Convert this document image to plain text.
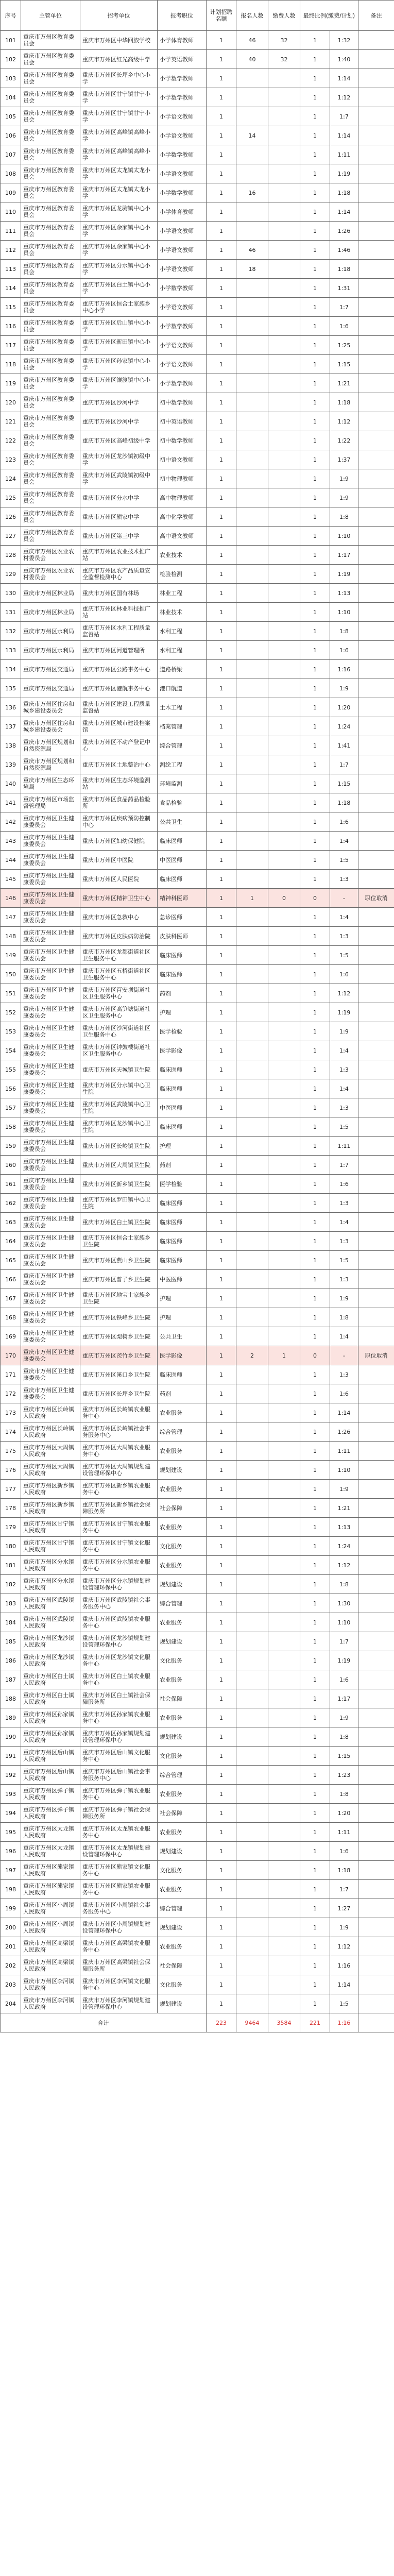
序号	主管单位	招考单位	报考职位	计划招聘名额	报名人数	缴费人数	最终比例(缴费/计划)		备注
101	重庆市万州区教育委员会	重庆市万州区中华回族学校	小学体育教师	1	46	32	1	1:32	
102	重庆市万州区教育委员会	重庆市万州区红光高级中学	小学英语教师	1	40	32	1	1:40	
103	重庆市万州区教育委员会	重庆市万州区长坪乡中心小学	小学数学教师	1			1	1:14	
104	重庆市万州区教育委员会	重庆市万州区甘宁镇甘宁小学	小学数学教师	1			1	1:12	
105	重庆市万州区教育委员会	重庆市万州区甘宁镇甘宁小学	小学语文教师	1			1	1:7	
106	重庆市万州区教育委员会	重庆市万州区高峰镇高峰小学	小学语文教师	1	14		1	1:14	
107	重庆市万州区教育委员会	重庆市万州区高峰镇高峰小学	小学数学教师	1			1	1:11	
108	重庆市万州区教育委员会	重庆市万州区太龙镇太龙小学	小学语文教师	1			1	1:19	
109	重庆市万州区教育委员会	重庆市万州区太龙镇太龙小学	小学数学教师	1	16		1	1:18	
110	重庆市万州区教育委员会	重庆市万州区龙驹镇中心小学	小学体育教师	1			1	1:14	
111	重庆市万州区教育委员会	重庆市万州区余家镇中心小学	小学语文教师	1			1	1:26	
112	重庆市万州区教育委员会	重庆市万州区余家镇中心小学	小学语文教师	1	46		1	1:46	
113	重庆市万州区教育委员会	重庆市万州区分水镇中心小学	小学语文教师	1	18		1	1:18	
114	重庆市万州区教育委员会	重庆市万州区白土镇中心小学	小学数学教师	1			1	1:31	
115	重庆市万州区教育委员会	重庆市万州区恒合土家族乡中心小学	小学语文教师	1			1	1:7	
116	重庆市万州区教育委员会	重庆市万州区后山镇中心小学	小学数学教师	1			1	1:6	
117	重庆市万州区教育委员会	重庆市万州区新田镇中心小学	小学语文教师	1			1	1:25	
118	重庆市万州区教育委员会	重庆市万州区孙家镇中心小学	小学语文教师	1			1	1:15	
119	重庆市万州区教育委员会	重庆市万州区瀼渡镇中心小学	小学数学教师	1			1	1:21	
120	重庆市万州区教育委员会	重庆市万州区沙河中学	初中数学教师	1			1	1:18	
121	重庆市万州区教育委员会	重庆市万州区沙河中学	初中英语教师	1			1	1:12	
122	重庆市万州区教育委员会	重庆市万州区高峰初级中学	初中数学教师	1			1	1:22	
123	重庆市万州区教育委员会	重庆市万州区龙沙镇初级中学	初中语文教师	1			1	1:37	
124	重庆市万州区教育委员会	重庆市万州区武陵镇初级中学	初中物理教师	1			1	1:9	
125	重庆市万州区教育委员会	重庆市万州区分水中学	高中物理教师	1			1	1:9	
126	重庆市万州区教育委员会	重庆市万州区熊家中学	高中化学教师	1			1	1:8	
127	重庆市万州区教育委员会	重庆市万州区第三中学	高中语文教师	1			1	1:10	
128	重庆市万州区农业农村委员会	重庆市万州区农业技术推广站	农业技术	1			1	1:17	
129	重庆市万州区农业农村委员会	重庆市万州区农产品质量安全监督检测中心	检验检测	1			1	1:19	
130	重庆市万州区林业局	重庆市万州区国有林场	林业工程	1			1	1:13	
131	重庆市万州区林业局	重庆市万州区林业科技推广站	林业技术	1			1	1:10	
132	重庆市万州区水利局	重庆市万州区水利工程质量监督站	水利工程	1			1	1:8	
133	重庆市万州区水利局	重庆市万州区河道管理所	水利工程	1			1	1:6	
134	重庆市万州区交通局	重庆市万州区公路事务中心	道路桥梁	1			1	1:16	
135	重庆市万州区交通局	重庆市万州区港航事务中心	港口航道	1			1	1:9	
136	重庆市万州区住房和城乡建设委员会	重庆市万州区建设工程质量监督站	土木工程	1			1	1:20	
137	重庆市万州区住房和城乡建设委员会	重庆市万州区城市建设档案馆	档案管理	1			1	1:24	
138	重庆市万州区规划和自然资源局	重庆市万州区不动产登记中心	综合管理	1			1	1:41	
139	重庆市万州区规划和自然资源局	重庆市万州区土地整治中心	测绘工程	1			1	1:7	
140	重庆市万州区生态环境局	重庆市万州区生态环境监测站	环境监测	1			1	1:15	
141	重庆市万州区市场监督管理局	重庆市万州区食品药品检验所	食品检验	1			1	1:18	
142	重庆市万州区卫生健康委员会	重庆市万州区疾病预防控制中心	公共卫生	1			1	1:6	
143	重庆市万州区卫生健康委员会	重庆市万州区妇幼保健院	临床医师	1			1	1:4	
144	重庆市万州区卫生健康委员会	重庆市万州区中医院	中医医师	1			1	1:5	
145	重庆市万州区卫生健康委员会	重庆市万州区人民医院	临床医师	1			1	1:3	
146	重庆市万州区卫生健康委员会	重庆市万州区精神卫生中心	精神科医师	1	1	0	0	-	职位取消
147	重庆市万州区卫生健康委员会	重庆市万州区急救中心	急诊医师	1			1	1:4	
148	重庆市万州区卫生健康委员会	重庆市万州区皮肤病防治院	皮肤科医师	1			1	1:3	
149	重庆市万州区卫生健康委员会	重庆市万州区龙都街道社区卫生服务中心	临床医师	1			1	1:5	
150	重庆市万州区卫生健康委员会	重庆市万州区五桥街道社区卫生服务中心	临床医师	1			1	1:6	
151	重庆市万州区卫生健康委员会	重庆市万州区百安坝街道社区卫生服务中心	药剂	1			1	1:12	
152	重庆市万州区卫生健康委员会	重庆市万州区高笋塘街道社区卫生服务中心	护理	1			1	1:19	
153	重庆市万州区卫生健康委员会	重庆市万州区沙河街道社区卫生服务中心	医学检验	1			1	1:9	
154	重庆市万州区卫生健康委员会	重庆市万州区钟鼓楼街道社区卫生服务中心	医学影像	1			1	1:4	
155	重庆市万州区卫生健康委员会	重庆市万州区天城镇卫生院	临床医师	1			1	1:3	
156	重庆市万州区卫生健康委员会	重庆市万州区分水镇中心卫生院	临床医师	1			1	1:4	
157	重庆市万州区卫生健康委员会	重庆市万州区武陵镇中心卫生院	中医医师	1			1	1:3	
158	重庆市万州区卫生健康委员会	重庆市万州区龙沙镇中心卫生院	临床医师	1			1	1:5	
159	重庆市万州区卫生健康委员会	重庆市万州区长岭镇卫生院	护理	1			1	1:11	
160	重庆市万州区卫生健康委员会	重庆市万州区大周镇卫生院	药剂	1			1	1:7	
161	重庆市万州区卫生健康委员会	重庆市万州区新乡镇卫生院	医学检验	1			1	1:6	
162	重庆市万州区卫生健康委员会	重庆市万州区罗田镇中心卫生院	临床医师	1			1	1:3	
163	重庆市万州区卫生健康委员会	重庆市万州区白土镇卫生院	临床医师	1			1	1:4	
164	重庆市万州区卫生健康委员会	重庆市万州区恒合土家族乡卫生院	临床医师	1			1	1:3	
165	重庆市万州区卫生健康委员会	重庆市万州区燕山乡卫生院	临床医师	1			1	1:5	
166	重庆市万州区卫生健康委员会	重庆市万州区普子乡卫生院	中医医师	1			1	1:3	
167	重庆市万州区卫生健康委员会	重庆市万州区地宝土家族乡卫生院	护理	1			1	1:9	
168	重庆市万州区卫生健康委员会	重庆市万州区铁峰乡卫生院	护理	1			1	1:8	
169	重庆市万州区卫生健康委员会	重庆市万州区梨树乡卫生院	公共卫生	1			1	1:4	
170	重庆市万州区卫生健康委员会	重庆市万州区茨竹乡卫生院	医学影像	1	2	1	0	-	职位取消
171	重庆市万州区卫生健康委员会	重庆市万州区溪口乡卫生院	临床医师	1			1	1:3	
172	重庆市万州区卫生健康委员会	重庆市万州区长坪乡卫生院	药剂	1			1	1:6	
173	重庆市万州区长岭镇人民政府	重庆市万州区长岭镇农业服务中心	农业服务	1			1	1:14	
174	重庆市万州区长岭镇人民政府	重庆市万州区长岭镇社会事务服务中心	综合管理	1			1	1:26	
175	重庆市万州区大周镇人民政府	重庆市万州区大周镇农业服务中心	农业服务	1			1	1:11	
176	重庆市万州区大周镇人民政府	重庆市万州区大周镇规划建设管理环保中心	规划建设	1			1	1:10	
177	重庆市万州区新乡镇人民政府	重庆市万州区新乡镇农业服务中心	农业服务	1			1	1:9	
178	重庆市万州区新乡镇人民政府	重庆市万州区新乡镇社会保障服务所	社会保障	1			1	1:21	
179	重庆市万州区甘宁镇人民政府	重庆市万州区甘宁镇农业服务中心	农业服务	1			1	1:13	
180	重庆市万州区甘宁镇人民政府	重庆市万州区甘宁镇文化服务中心	文化服务	1			1	1:24	
181	重庆市万州区分水镇人民政府	重庆市万州区分水镇农业服务中心	农业服务	1			1	1:12	
182	重庆市万州区分水镇人民政府	重庆市万州区分水镇规划建设管理环保中心	规划建设	1			1	1:8	
183	重庆市万州区武陵镇人民政府	重庆市万州区武陵镇社会事务服务中心	综合管理	1			1	1:30	
184	重庆市万州区武陵镇人民政府	重庆市万州区武陵镇农业服务中心	农业服务	1			1	1:10	
185	重庆市万州区龙沙镇人民政府	重庆市万州区龙沙镇规划建设管理环保中心	规划建设	1			1	1:7	
186	重庆市万州区龙沙镇人民政府	重庆市万州区龙沙镇文化服务中心	文化服务	1			1	1:19	
187	重庆市万州区白土镇人民政府	重庆市万州区白土镇农业服务中心	农业服务	1			1	1:6	
188	重庆市万州区白土镇人民政府	重庆市万州区白土镇社会保障服务所	社会保障	1			1	1:17	
189	重庆市万州区孙家镇人民政府	重庆市万州区孙家镇农业服务中心	农业服务	1			1	1:9	
190	重庆市万州区孙家镇人民政府	重庆市万州区孙家镇规划建设管理环保中心	规划建设	1			1	1:8	
191	重庆市万州区后山镇人民政府	重庆市万州区后山镇文化服务中心	文化服务	1			1	1:15	
192	重庆市万州区后山镇人民政府	重庆市万州区后山镇社会事务服务中心	综合管理	1			1	1:23	
193	重庆市万州区弹子镇人民政府	重庆市万州区弹子镇农业服务中心	农业服务	1			1	1:8	
194	重庆市万州区弹子镇人民政府	重庆市万州区弹子镇社会保障服务所	社会保障	1			1	1:20	
195	重庆市万州区太龙镇人民政府	重庆市万州区太龙镇农业服务中心	农业服务	1			1	1:11	
196	重庆市万州区太龙镇人民政府	重庆市万州区太龙镇规划建设管理环保中心	规划建设	1			1	1:6	
197	重庆市万州区熊家镇人民政府	重庆市万州区熊家镇文化服务中心	文化服务	1			1	1:18	
198	重庆市万州区熊家镇人民政府	重庆市万州区熊家镇农业服务中心	农业服务	1			1	1:7	
199	重庆市万州区小周镇人民政府	重庆市万州区小周镇社会事务服务中心	综合管理	1			1	1:27	
200	重庆市万州区小周镇人民政府	重庆市万州区小周镇规划建设管理环保中心	规划建设	1			1	1:9	
201	重庆市万州区高梁镇人民政府	重庆市万州区高梁镇农业服务中心	农业服务	1			1	1:12	
202	重庆市万州区高梁镇人民政府	重庆市万州区高梁镇社会保障服务所	社会保障	1			1	1:16	
203	重庆市万州区李河镇人民政府	重庆市万州区李河镇文化服务中心	文化服务	1			1	1:14	
204	重庆市万州区李河镇人民政府	重庆市万州区李河镇规划建设管理环保中心	规划建设	1			1	1:5	
合计				223	9464	3584	221	1:16	
